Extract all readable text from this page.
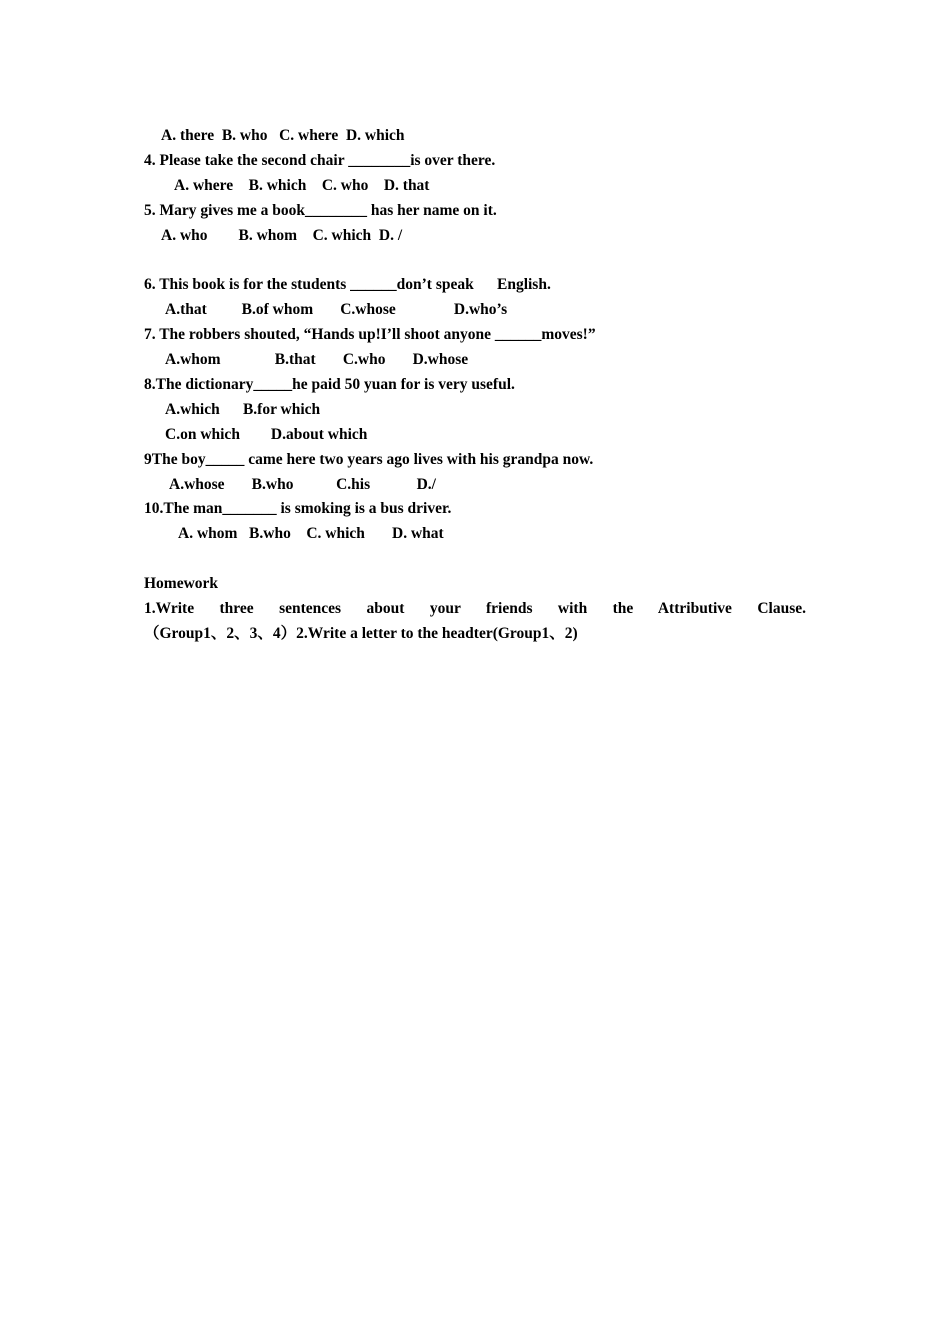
A. there  B. who   C. where  D. which
4. Please take the second chair ________is over there.
A. where    B. which    C. who    D. that
5. Mary gives me a book________ has her name on it.
A. who        B. whom    C. which  D. /
6. This book is for the students ______don’t speak      English.
A.that         B.of whom       C.whose               D.who’s
7. The robbers shouted, “Hands up!I’ll shoot anyone ______moves!”
A.whom              B.that       C.who       D.whose
8.The dictionary_____he paid 50 yuan for is very useful.
A.which      B.for which
C.on which        D.about which
9The boy_____ came here two years ago lives with his grandpa now.
A.whose       B.who           C.his            D./
10.The man_______ is smoking is a bus driver.
A. whom   B.who    C. which       D. what
Homework
1.Write three sentences about your friends with the Attributive Clause.
（Group1、2、3、4）2.Write a letter to the headter(Group1、2)
